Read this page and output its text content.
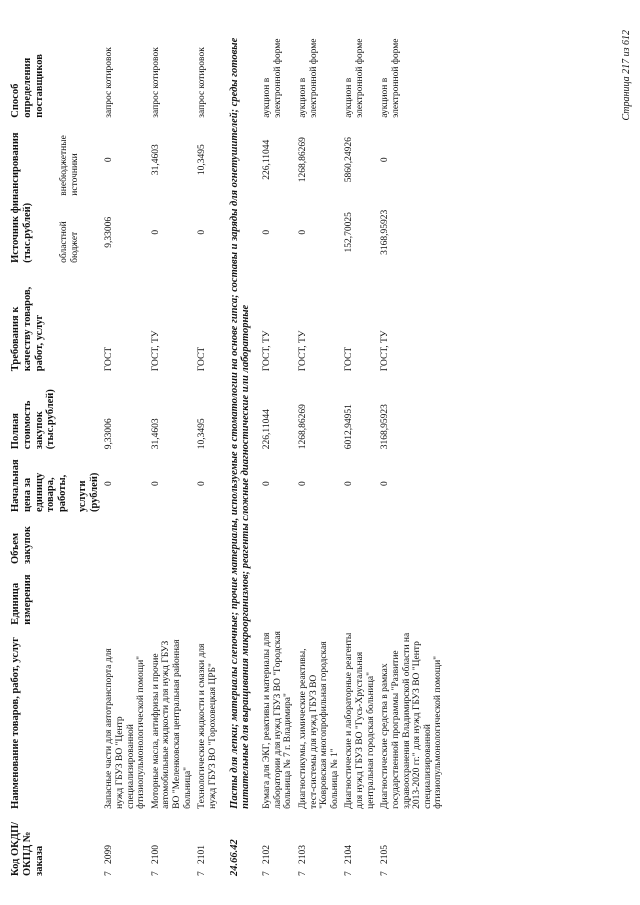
Код ОКДП/ ОКПД № заказа	Наименование товаров, работ, услуг	Единица измерения	Объем закупок	Начальная цена за единицу товара, работы, услуги (рублей)	Полная стоимость закупок (тыс.рублей)	Требования к качеству товаров, работ, услуг	Источник финансирования (тыс.рублей)		Способ определения поставщиков
							областной бюджет	внебюджетные источники	
72099	Запасные части для автотранспорта для нужд ГБУЗ ВО "Центр специализированной фтизиопульмонологической помощи"			0	9,33006	ГОСТ	9,33006	0	запрос котировок
72100	Моторные масла, антифризы и прочие автомобильные жидкости для нужд ГБУЗ ВО "Меленковская центральная районная больница"			0	31,4603	ГОСТ, ТУ	0	31,4603	запрос котировок
72101	Технологические жидкости и смазки для нужд ГБУЗ ВО "Гороховецкая ЦРБ"			0	10,3495	ГОСТ	0	10,3495	запрос котировок
24.66.42	Пасты для лепки; материалы слепочные; прочие материалы, используемые в стоматологии на основе гипса; составы и заряды для огнетушителей; среды готовые питательные для выращивания микроорганизмов; реагенты сложные диагностические или лабораторные								
72102	Бумага для ЭКГ, реактивы и материалы для лаборатории для нужд ГБУЗ ВО "Городская больница № 7 г. Владимира"			0	226,11044	ГОСТ, ТУ	0	226,11044	аукцион в электронной форме
72103	Диагностикумы, химические реактивы, тест-системы для нужд ГБУЗ ВО "Ковровская многопрофильная городская больница № 1"			0	1268,86269	ГОСТ, ТУ	0	1268,86269	аукцион в электронной форме
72104	Диагностические и лабораторные реагенты для нужд ГБУЗ ВО "Гусь-Хрустальная центральная городская больница"			0	6012,94951	ГОСТ	152,70025	5860,24926	аукцион в электронной форме
72105	Диагностические средства в рамках государственной программы "Развитие здравоохранения Владимирской области на 2013-2020 гг." для нужд ГБУЗ ВО "Центр специализированной фтизиопульмонологической помощи"			0	3168,95923	ГОСТ, ТУ	3168,95923	0	аукцион в электронной форме	Страница 217 из 612
